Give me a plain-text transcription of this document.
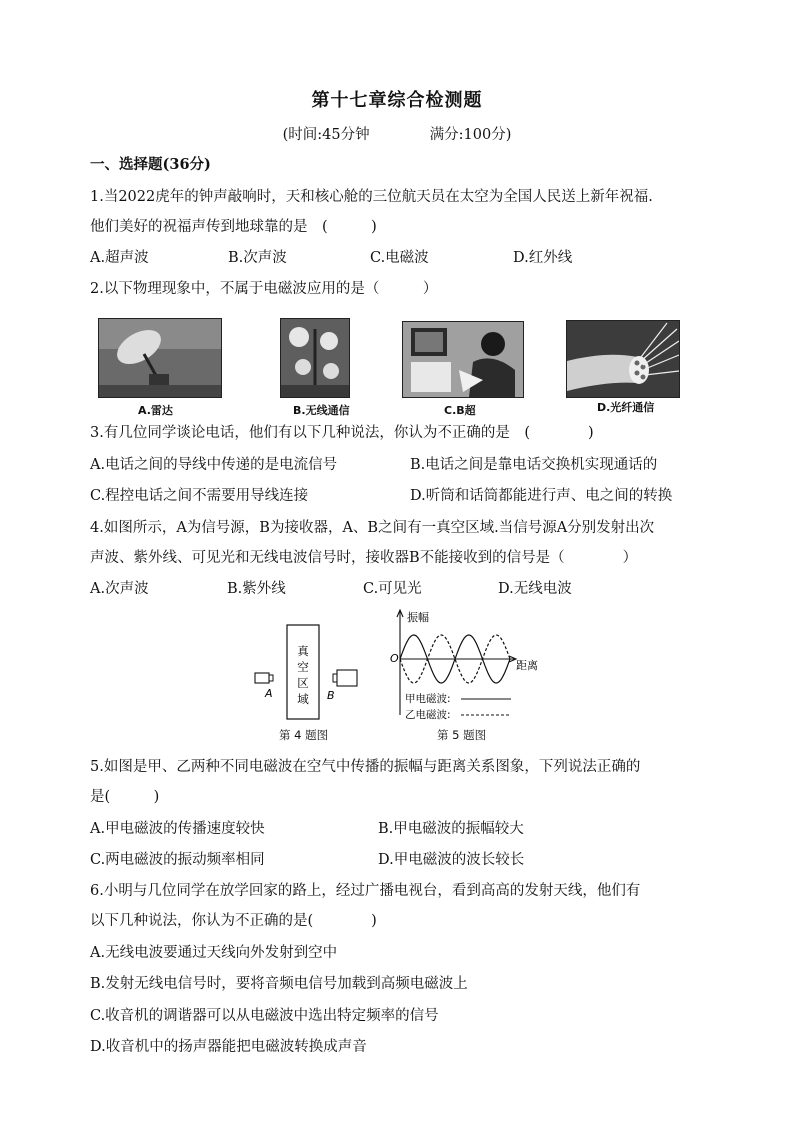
第十七章综合检测题
(时间:45分钟	满分:100分)
一、选择题(36分)
1.当2022虎年的钟声敲响时，天和核心舱的三位航天员在太空为全国人民送上新年祝福.
他们美好的祝福声传到地球靠的是　(　　　)
A.超声波	B.次声波	C.电磁波	D.红外线
2.以下物理现象中，不属于电磁波应用的是（　　　）
A.雷达	B.无线通信	C.B超	D.光纤通信
3.有几位同学谈论电话，他们有以下几种说法，你认为不正确的是　(　　　　)
A.电话之间的导线中传递的是电流信号	B.电话之间是靠电话交换机实现通话的
C.程控电话之间不需要用导线连接	D.听筒和话筒都能进行声、电之间的转换
4.如图所示，A为信号源，B为接收器，A、B之间有一真空区域.当信号源A分别发射出次
声波、紫外线、可见光和无线电波信号时，接收器B不能接收到的信号是（　　　　）
A.次声波	B.紫外线	C.可见光	D.无线电波
真
空
区
域
A	B
第 4 题图
振幅
距离
O
甲电磁波:
乙电磁波:
第 5 题图
5.如图是甲、乙两种不同电磁波在空气中传播的振幅与距离关系图象，下列说法正确的
是(　　　)
A.甲电磁波的传播速度较快	B.甲电磁波的振幅较大
C.两电磁波的振动频率相同	D.甲电磁波的波长较长
6.小明与几位同学在放学回家的路上，经过广播电视台，看到高高的发射天线，他们有
以下几种说法，你认为不正确的是(　　　　)
A.无线电波要通过天线向外发射到空中
B.发射无线电信号时，要将音频电信号加载到高频电磁波上
C.收音机的调谐器可以从电磁波中选出特定频率的信号
D.收音机中的扬声器能把电磁波转换成声音
